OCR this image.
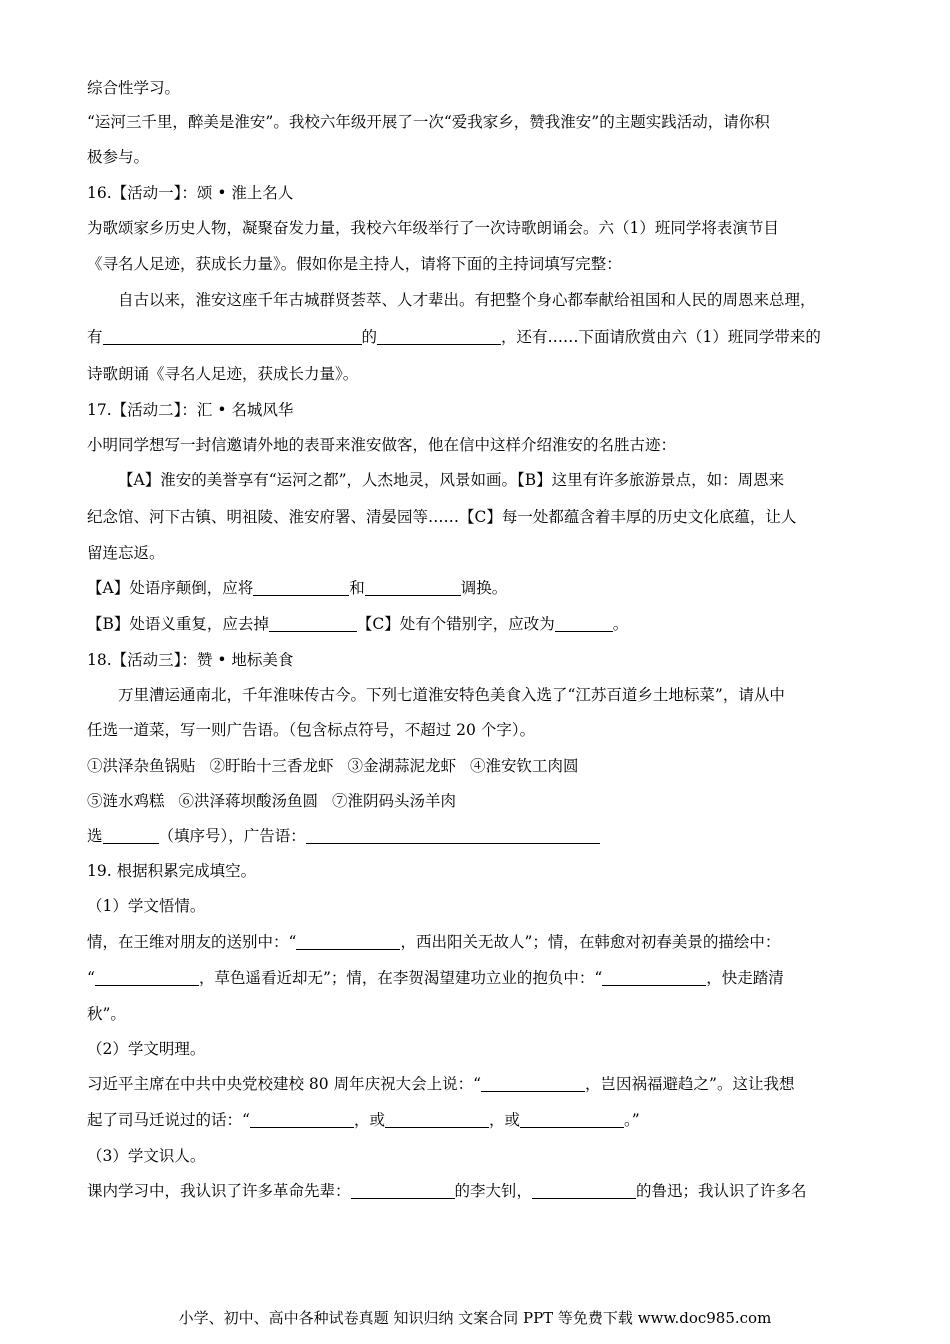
综合性学习。
“运河三千里，醉美是淮安”。我校六年级开展了一次“爱我家乡，赞我淮安”的主题实践活动，请你积
极参与。
16.【活动一】：颂 • 淮上名人
为歌颂家乡历史人物，凝聚奋发力量，我校六年级举行了一次诗歌朗诵会。六（1）班同学将表演节目
《寻名人足迹，获成长力量》。假如你是主持人，请将下面的主持词填写完整：
自古以来，淮安这座千年古城群贤荟萃、人才辈出。有把整个身心都奉献给祖国和人民的周恩来总理，
有	的	，还有……下面请欣赏由六（1）班同学带来的
诗歌朗诵《寻名人足迹，获成长力量》。
17.【活动二】：汇 • 名城风华
小明同学想写一封信邀请外地的表哥来淮安做客，他在信中这样介绍淮安的名胜古迹：
【A】淮安的美誉享有“运河之都”，人杰地灵，风景如画。【B】这里有许多旅游景点，如：周恩来
纪念馆、河下古镇、明祖陵、淮安府署、清晏园等……【C】每一处都蕴含着丰厚的历史文化底蕴，让人
留连忘返。
【A】处语序颠倒，应将	和	调换。
【B】处语义重复，应去掉	【C】处有个错别字，应改为	。
18.【活动三】：赞 • 地标美食
万里漕运通南北，千年淮味传古今。下列七道淮安特色美食入选了“江苏百道乡土地标菜”，请从中
任选一道菜，写一则广告语。（包含标点符号，不超过 20 个字）。
①洪泽杂鱼锅贴 ②盱眙十三香龙虾 ③金湖蒜泥龙虾 ④淮安钦工肉圆
⑤涟水鸡糕 ⑥洪泽蒋坝酸汤鱼圆 ⑦淮阴码头汤羊肉
选	（填序号），广告语：
19. 根据积累完成填空。
（1）学文悟情。
情，在王维对朋友的送别中：“	，西出阳关无故人”；情，在韩愈对初春美景的描绘中：
“	，草色遥看近却无”；情，在李贺渴望建功立业的抱负中：“	，快走踏清
秋”。
（2）学文明理。
习近平主席在中共中央党校建校 80 周年庆祝大会上说：“	，岂因祸福避趋之”。这让我想
起了司马迁说过的话：“	，或	，或	。”
（3）学文识人。
课内学习中，我认识了许多革命先辈：	的李大钊，	的鲁迅；我认识了许多名
小学、初中、高中各种试卷真题 知识归纳 文案合同 PPT 等免费下载 www.doc985.com
